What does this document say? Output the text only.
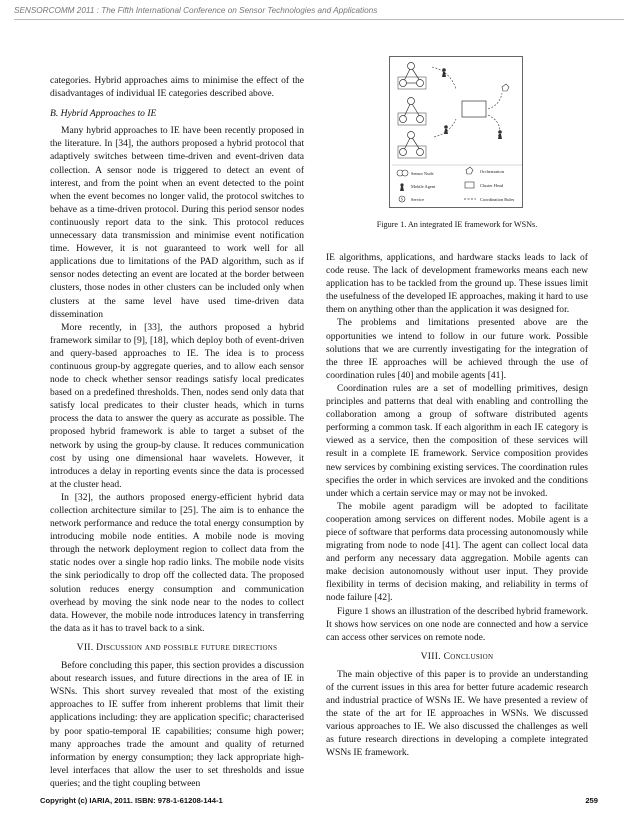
SENSORCOMM 2011 : The Fifth International Conference on Sensor Technologies and Applications

categories. Hybrid approaches aims to minimise the effect of the disadvantages of individual IE categories described above.

B. Hybrid Approaches to IE

Many hybrid approaches to IE have been recently proposed in the literature. In [34], the authors proposed a hybrid protocol that adaptively switches between time-driven and event-driven data collection. A sensor node is triggered to detect an event of interest, and from the point when an event detected to the point when the event becomes no longer valid, the protocol switches to behave as a time-driven protocol. During this period sensor nodes continuously report data to the sink. This protocol reduces unnecessary data transmission and minimise event notification time. However, it is not guaranteed to work well for all applications due to limitations of the PAD algorithm, such as if sensor nodes detecting an event are located at the border between clusters, those nodes in other clusters can be included only when clusters at the same level have used time-driven data dissemination

More recently, in [33], the authors proposed a hybrid framework similar to [9], [18], which deploy both of event-driven and query-based approaches to IE. The idea is to process continuous group-by aggregate queries, and to allow each sensor node to check whether sensor readings satisfy local predicates based on a predefined thresholds. Then, nodes send only data that satisfy local predicates to their cluster heads, which in turns process the data to answer the query as accurate as possible. The proposed hybrid framework is able to target a subset of the network by using the group-by clause. It reduces communication cost by using one dimensional haar wavelets. However, it introduces a delay in reporting events since the data is processed at the cluster head.

In [32], the authors proposed energy-efficient hybrid data collection architecture similar to [25]. The aim is to enhance the network performance and reduce the total energy consumption by introducing mobile node entities. A mobile node is moving through the network deployment region to collect data from the static nodes over a single hop radio links. The mobile node visits the sink periodically to drop off the collected data. The proposed solution reduces energy consumption and communication overhead by moving the sink node near to the nodes to collect data. However, the mobile node introduces latency in transferring the data as it has to travel back to a sink.

VII. Discussion and possible future directions

Before concluding this paper, this section provides a discussion about research issues, and future directions in the area of IE in WSNs. This short survey revealed that most of the existing approaches to IE suffer from inherent problems that limit their applications including: they are application specific; characterised by poor spatio-temporal IE capabilities; consume high power; many approaches trade the amount and quality of returned information by energy consumption; they lack appropriate high-level interfaces that allow the user to set thresholds and issue queries; and the tight coupling between

Sensor Node
Mobile Agent
S Service
Orchestration
Cluster Head
Coordination Rules
Figure 1. An integrated IE framework for WSNs.

IE algorithms, applications, and hardware stacks leads to lack of code reuse. The lack of development frameworks means each new application has to be tackled from the ground up. These issues limit the usefulness of the developed IE approaches, making it hard to use them on anything other than the application it was designed for.

The problems and limitations presented above are the opportunities we intend to follow in our future work. Possible solutions that we are currently investigating for the integration of the three IE approaches will be achieved through the use of coordination rules [40] and mobile agents [41].

Coordination rules are a set of modelling primitives, design principles and patterns that deal with enabling and controlling the collaboration among a group of software distributed agents performing a common task. If each algorithm in each IE category is viewed as a service, then the composition of these services will result in a complete IE framework. Service composition provides new services by combining existing services. The coordination rules specifies the order in which services are invoked and the conditions under which a certain service may or may not be invoked.

The mobile agent paradigm will be adopted to facilitate cooperation among services on different nodes. Mobile agent is a piece of software that performs data processing autonomously while migrating from node to node [41]. The agent can collect local data and perform any necessary data aggregation. Mobile agents can make decision autonomously without user input. They provide flexibility in terms of decision making, and reliability in terms of node failure [42].

Figure 1 shows an illustration of the described hybrid framework. It shows how services on one node are connected and how a service can access other services on remote node.

VIII. Conclusion

The main objective of this paper is to provide an understanding of the current issues in this area for better future academic research and industrial practice of WSNs IE. We have presented a review of the state of the art for IE approaches in WSNs. We discussed various approaches to IE. We also discussed the challenges as well as future research directions in developing a complete integrated WSNs IE framework.

Copyright (c) IARIA, 2011. ISBN: 978-1-61208-144-1	259
